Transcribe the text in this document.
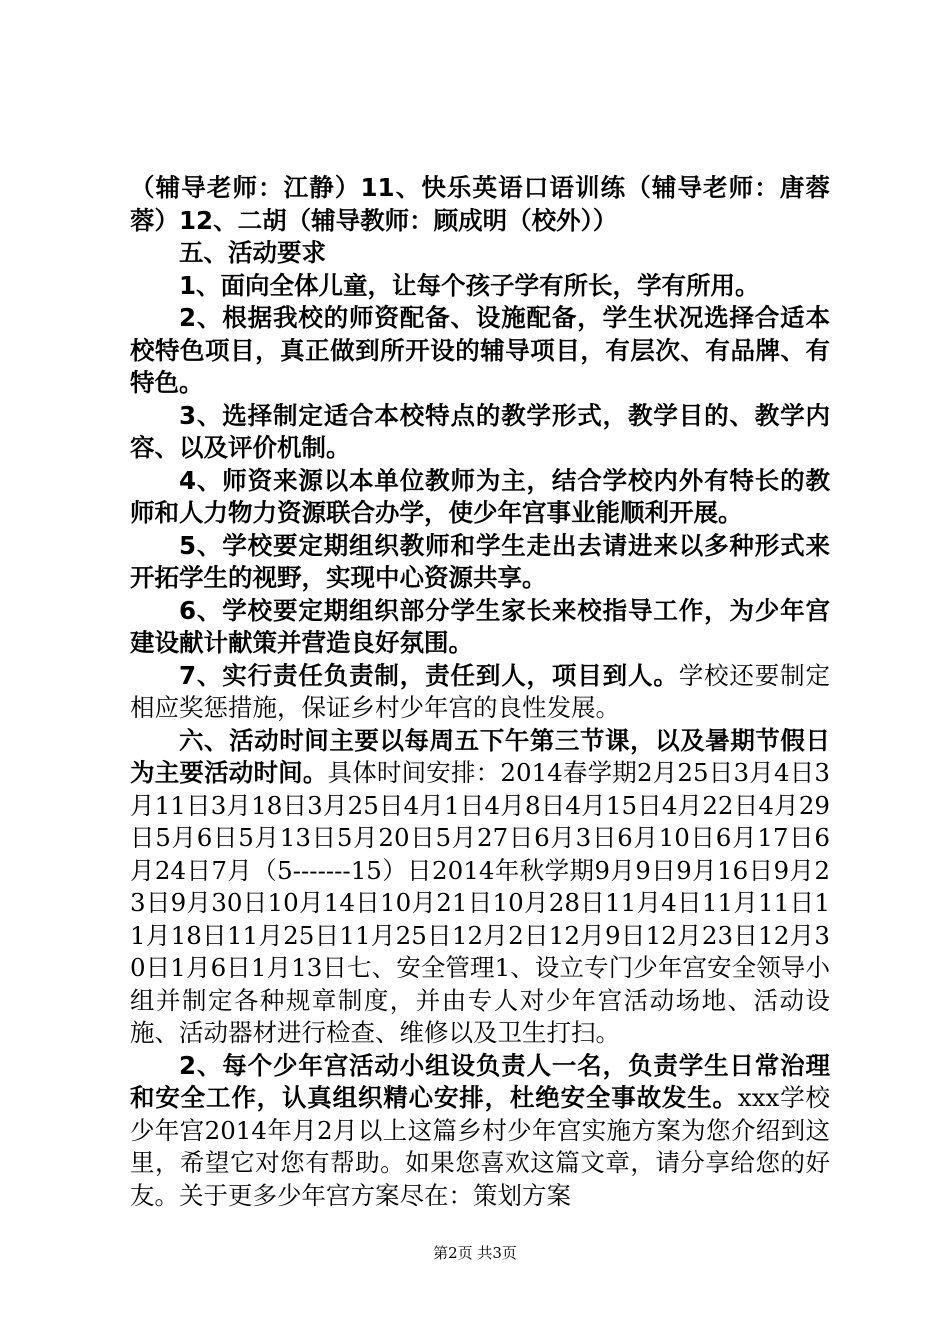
（辅导老师：江静）11、快乐英语口语训练（辅导老师：唐蓉蓉）12、二胡（辅导教师：顾成明（校外））

五、活动要求

1、面向全体儿童，让每个孩子学有所长，学有所用。

2、根据我校的师资配备、设施配备，学生状况选择合适本校特色项目，真正做到所开设的辅导项目，有层次、有品牌、有特色。

3、选择制定适合本校特点的教学形式，教学目的、教学内容、以及评价机制。

4、师资来源以本单位教师为主，结合学校内外有特长的教师和人力物力资源联合办学，使少年宫事业能顺利开展。

5、学校要定期组织教师和学生走出去请进来以多种形式来开拓学生的视野，实现中心资源共享。

6、学校要定期组织部分学生家长来校指导工作，为少年宫建设献计献策并营造良好氛围。

7、实行责任负责制，责任到人，项目到人。学校还要制定相应奖惩措施，保证乡村少年宫的良性发展。

六、活动时间主要以每周五下午第三节课，以及暑期节假日为主要活动时间。具体时间安排：2014春学期2月25日3月4日3月11日3月18日3月25日4月1日4月8日4月15日4月22日4月29日5月6日5月13日5月20日5月27日6月3日6月10日6月17日6月24日7月（5-------15）日2014年秋学期9月9日9月16日9月23日9月30日10月14日10月21日10月28日11月4日11月11日11月18日11月25日11月25日12月2日12月9日12月23日12月30日1月6日1月13日七、安全管理1、设立专门少年宫安全领导小组并制定各种规章制度，并由专人对少年宫活动场地、活动设施、活动器材进行检查、维修以及卫生打扫。

2、每个少年宫活动小组设负责人一名，负责学生日常治理和安全工作，认真组织精心安排，杜绝安全事故发生。xxx学校少年宫2014年月2月以上这篇乡村少年宫实施方案为您介绍到这里，希望它对您有帮助。如果您喜欢这篇文章，请分享给您的好友。关于更多少年宫方案尽在：策划方案

第2页 共3页
